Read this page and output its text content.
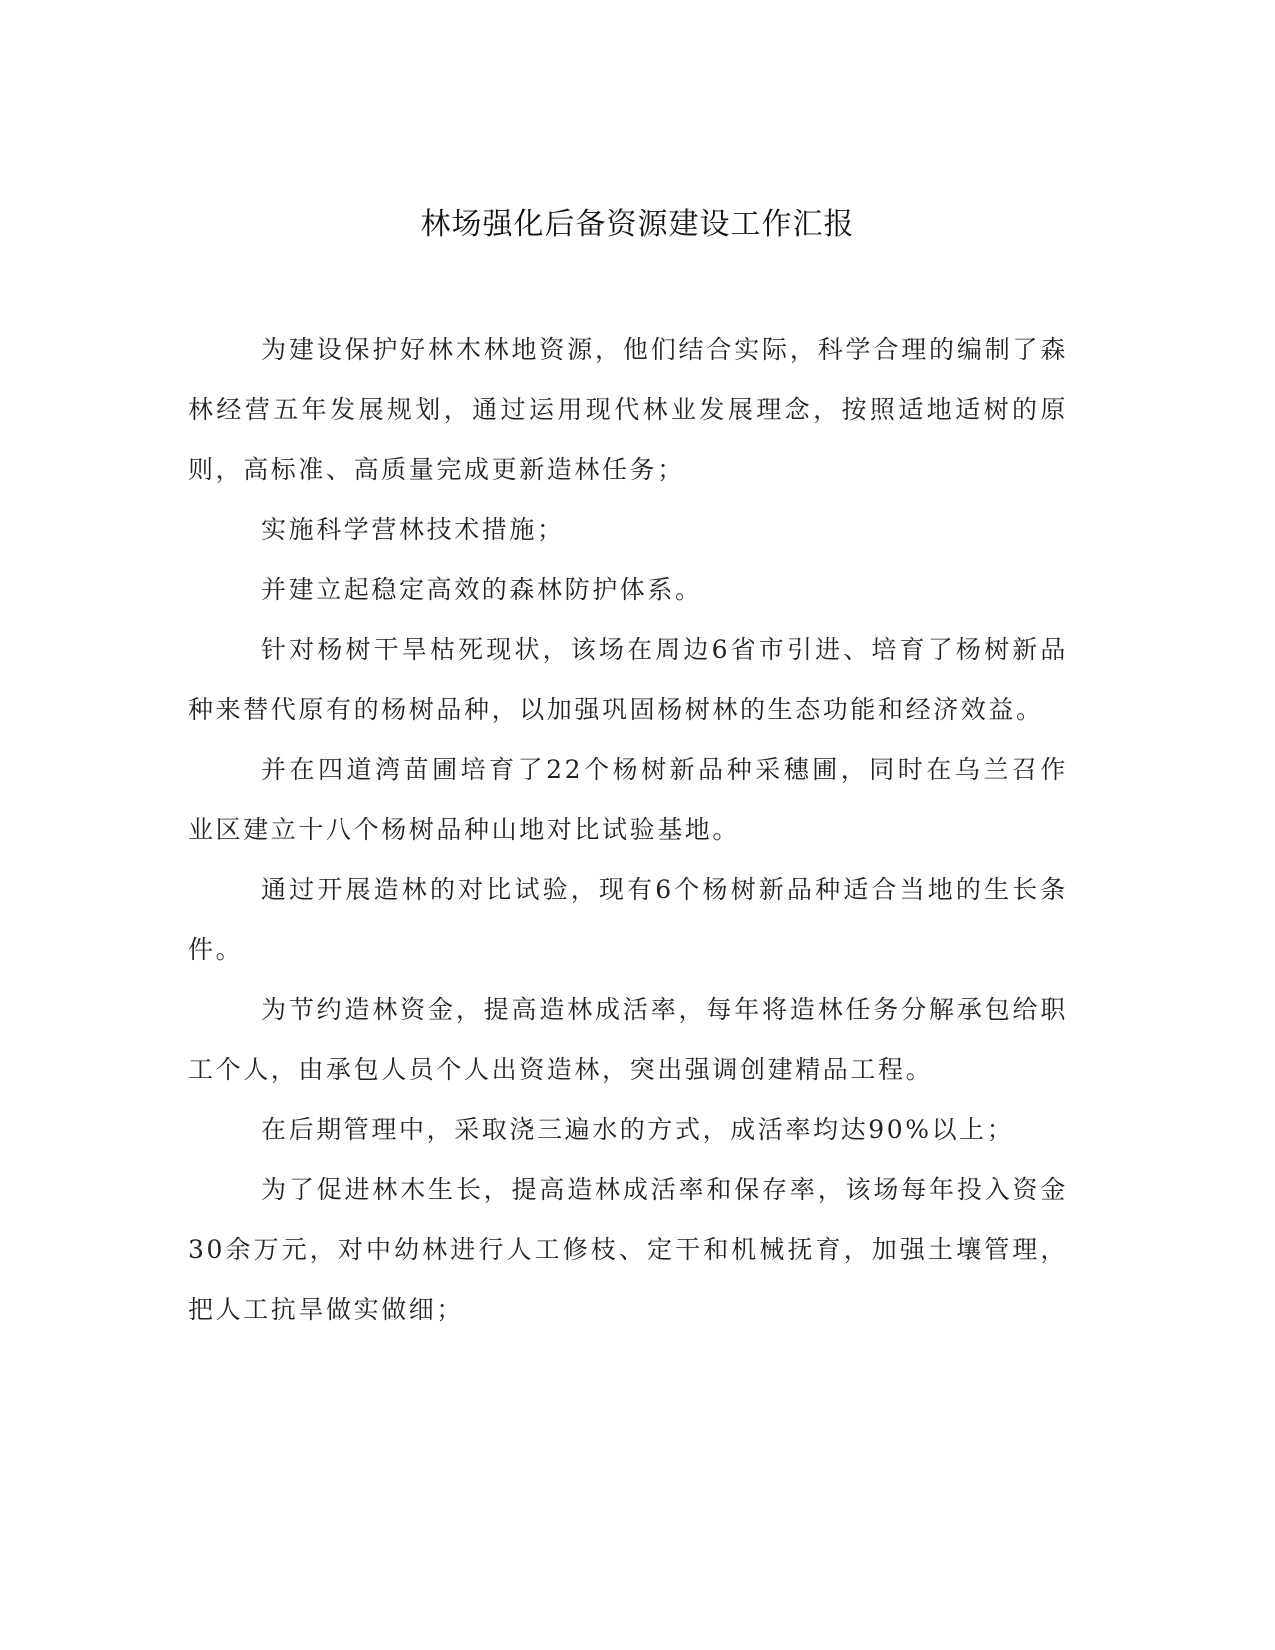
林场强化后备资源建设工作汇报

为建设保护好林木林地资源，他们结合实际，科学合理的编制了森林经营五年发展规划，通过运用现代林业发展理念，按照适地适树的原则，高标准、高质量完成更新造林任务；

实施科学营林技术措施；

并建立起稳定高效的森林防护体系。

针对杨树干旱枯死现状，该场在周边6省市引进、培育了杨树新品种来替代原有的杨树品种，以加强巩固杨树林的生态功能和经济效益。

并在四道湾苗圃培育了22个杨树新品种采穗圃，同时在乌兰召作业区建立十八个杨树品种山地对比试验基地。

通过开展造林的对比试验，现有6个杨树新品种适合当地的生长条件。

为节约造林资金，提高造林成活率，每年将造林任务分解承包给职工个人，由承包人员个人出资造林，突出强调创建精品工程。

在后期管理中，采取浇三遍水的方式，成活率均达90%以上；

为了促进林木生长，提高造林成活率和保存率，该场每年投入资金30余万元，对中幼林进行人工修枝、定干和机械抚育，加强土壤管理，把人工抗旱做实做细；
